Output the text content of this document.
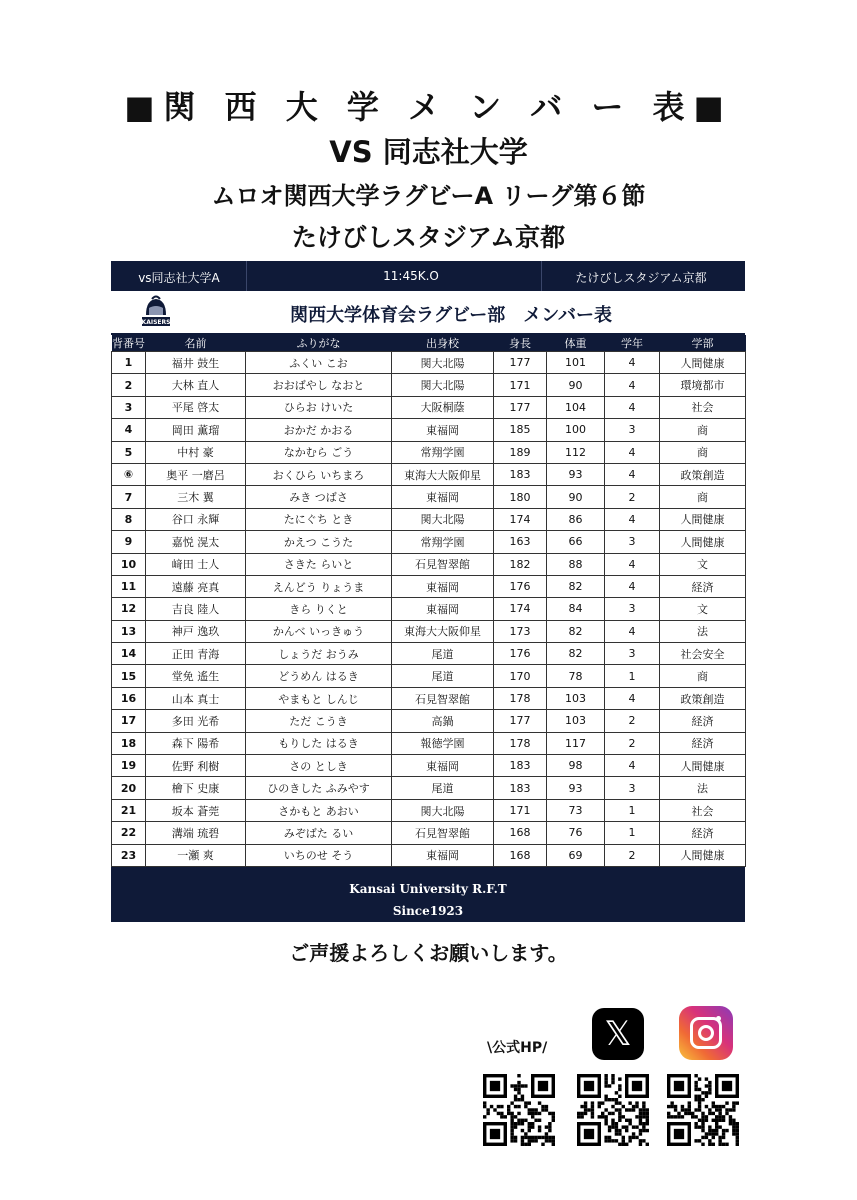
■関 西 大 学 メ ン バ ー 表■
VS 同志社大学
ムロオ関西大学ラグビーA リーグ第６節
たけびしスタジアム京都
vs同志社大学A	11:45K.O	たけびしスタジアム京都
KAISERS	関西大学体育会ラグビー部　メンバー表
背番号	名前	ふりがな	出身校	身長	体重	学年	学部
1	福井 鼓生	ふくい こお	関大北陽	177	101	4	人間健康
2	大林 直人	おおばやし なおと	関大北陽	171	90	4	環境都市
3	平尾 啓太	ひらお けいた	大阪桐蔭	177	104	4	社会
4	岡田 薫瑠	おかだ かおる	東福岡	185	100	3	商
5	中村 豪	なかむら ごう	常翔学園	189	112	4	商
⑥	奥平 一磨呂	おくひら いちまろ	東海大大阪仰星	183	93	4	政策創造
7	三木 翼	みき つばさ	東福岡	180	90	2	商
8	谷口 永輝	たにぐち とき	関大北陽	174	86	4	人間健康
9	嘉悦 滉太	かえつ こうた	常翔学園	163	66	3	人間健康
10	﨑田 士人	さきた らいと	石見智翠館	182	88	4	文
11	遠藤 亮真	えんどう りょうま	東福岡	176	82	4	経済
12	吉良 陸人	きら りくと	東福岡	174	84	3	文
13	神戸 逸玖	かんべ いっきゅう	東海大大阪仰星	173	82	4	法
14	正田 青海	しょうだ おうみ	尾道	176	82	3	社会安全
15	堂免 遙生	どうめん はるき	尾道	170	78	1	商
16	山本 真士	やまもと しんじ	石見智翠館	178	103	4	政策創造
17	多田 光希	ただ こうき	高鍋	177	103	2	経済
18	森下 陽希	もりした はるき	報徳学園	178	117	2	経済
19	佐野 利樹	さの としき	東福岡	183	98	4	人間健康
20	檜下 史康	ひのきした ふみやす	尾道	183	93	3	法
21	坂本 蒼莞	さかもと あおい	関大北陽	171	73	1	社会
22	溝端 琉碧	みぞばた るい	石見智翠館	168	76	1	経済
23	一瀬 爽	いちのせ そう	東福岡	168	69	2	人間健康
Kansai University R.F.T
Since1923
ご声援よろしくお願いします。
\公式HP/	𝕏
